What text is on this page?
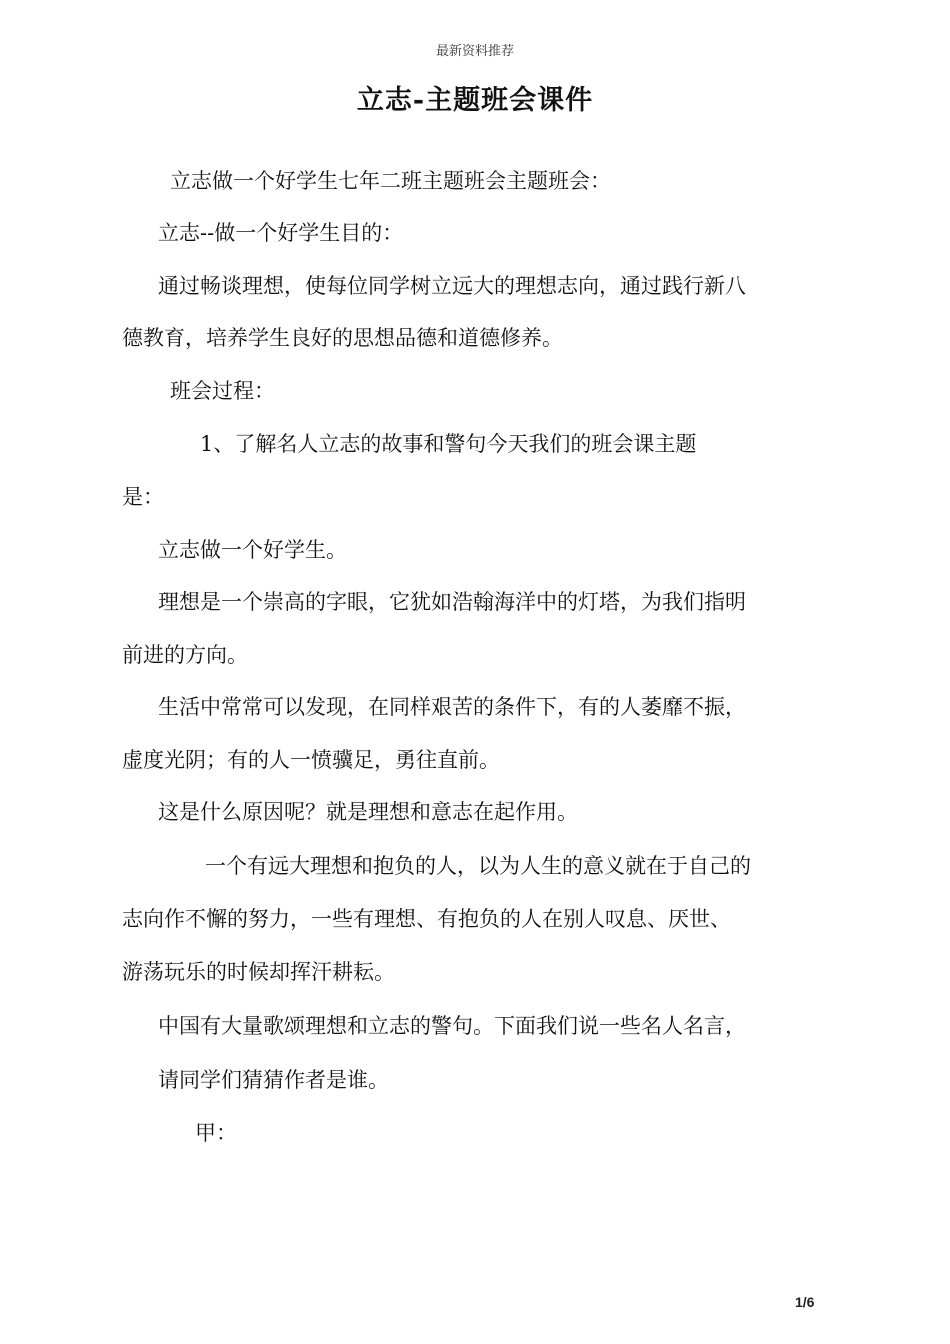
最新资料推荐
立志-主题班会课件
立志做一个好学生七年二班主题班会主题班会：
立志--做一个好学生目的：
通过畅谈理想，使每位同学树立远大的理想志向，通过践行新八
德教育，培养学生良好的思想品德和道德修养。
班会过程：
1、了解名人立志的故事和警句今天我们的班会课主题
是：
立志做一个好学生。
理想是一个崇高的字眼，它犹如浩翰海洋中的灯塔，为我们指明
前进的方向。
生活中常常可以发现，在同样艰苦的条件下，有的人萎靡不振，
虚度光阴；有的人一愤骥足，勇往直前。
这是什么原因呢？就是理想和意志在起作用。
一个有远大理想和抱负的人，以为人生的意义就在于自己的
志向作不懈的努力，一些有理想、有抱负的人在别人叹息、厌世、
游荡玩乐的时候却挥汗耕耘。
中国有大量歌颂理想和立志的警句。下面我们说一些名人名言，
请同学们猜猜作者是谁。
甲：
1/6
